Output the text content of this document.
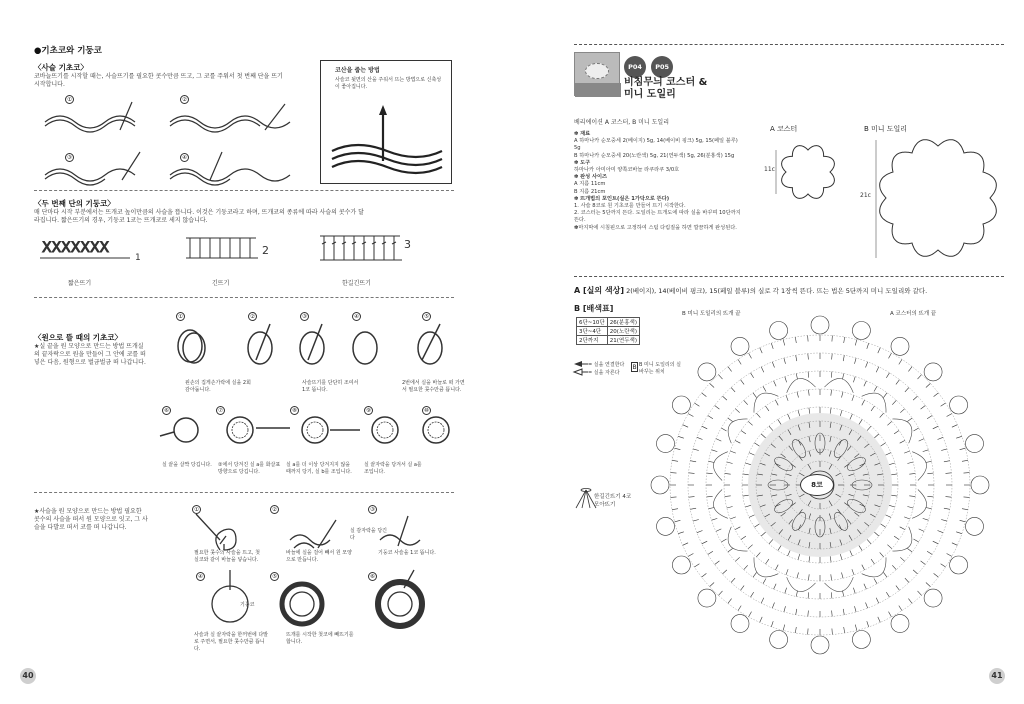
●기초코와 기둥코
〈사슬 기초코〉
코바늘뜨기를 시작할 때는, 사슬뜨기를 필요한 콧수만큼 뜨고, 그 코를 주워서 첫 번째 단을 뜨기 시작합니다.
①	②
③	④
코산을 줍는 방법
사슬코 뒷면의 산을 주워서 뜨는 방법으로 신축성이 좋아집니다.
〈두 번째 단의 기둥코〉
매 단마다 시작 부분에서는 뜨개코 높이만큼의 사슬을 뜹니다. 이것은 기둥코라고 하며, 뜨개코의 종류에 따라 사슬의 콧수가 달라집니다. 짧은뜨기의 경우, 기둥코 1코는 뜨개코로 세지 않습니다.
XXXXXXX
1
2	3
짧은뜨기	긴뜨기	한길긴뜨기
〈원으로 뜰 때의 기초코〉
★실 끝을 원 모양으로 만드는 방법 뜨개실의 끝자락으로 원을 만들어 그 안에 코를 떠 넣은 다음, 원형으로 벌금벌금 떠 나갑니다.
①	②	③	④	⑤
⑥	⑦	⑧	⑨	⑩
왼손의 집게손가락에 실을 2회 감아둡니다.
사슬뜨기를 단단히 조여서 1코 뜹니다.
2번에서 실을 바늘로 떠 가면서 필요한 콧수만큼 뜹니다.
실 끝을 살짝 당깁니다.	②에서 당겨진 실 a를 화살표 방향으로 당깁니다.
실 a를 더 이상 당겨지지 않을 때까지 당기, 실 b를 조입니다.
실 끝자락을 당겨서 실 a를 조입니다.
★사슬을 원 모양으로 만드는 방법 필요한 콧수의 사슬을 떠서 원 모양으로 잇고, 그 사슬을 다발로 떠서 코를 떠 나갑니다.
①	②	③
④	⑤	⑥
기둥코
필요한 콧수의 사슬을 뜨고, 첫 실코와 같이 바늘을 넣습니다.
바늘에 실을 걸어 빼서 원 모양으로 만듭니다.
실 감자락을 당긴다
기둥코 사슬을 1코 뜹니다.
사슬과 실 끝자락을 한꺼번에 다발로 주면서, 필요한 콧수만큼 뜹니다.
뜨개를 시작한 첫코에 빼뜨기를 합니다.
40
P04 P05
비침무늬 코스터 &
미니 도일리
베리에이션 A 코스터, B 미니 도일리
✽ 재료
A 하마나카 순모중세 2(베이지) 5g, 14(베이비 핑크) 5g, 15(페일 블루) 5g
B 하마나카 순모중세 20(노란색) 5g, 21(연두색) 5g, 26(분홍색) 15g
✽ 도구
하마나카 아미아미 양쪽코바늘 라쿠라쿠 3/0호
✽ 완성 사이즈
A 지름 11cm
B 지름 21cm
✽ 뜨개법의 포인트(실은 1가닥으로 뜬다)
1. 사슬 8코로 원 기초코를 만들어 뜨기 시작한다.
2. 코스터는 5단까지 뜬다. 도일리는 뜨개도에 따라 실을 바꾸며 10단까지 뜬다.
✽마지막에 시침핀으로 고정하여 스팀 다림질을 하면 깔끔하게 완성된다.
A 코스터	B 미니 도일리
11c
21c
A [실의 색상] 2(베이지), 14(베이비 핑크), 15(페일 블루)의 실로 각 1장씩 뜬다. 뜨는 법은 5단까지 미니 도일리와 같다.
B [배색표]
6단~10단	26(분홍색)
3단~4단	20(노란색)
2단까지	21(연두색)
= 실을 연결한다
= 실을 자른다
B 미니 도일리의 실 바꾸는 위치
B
한길긴뜨기 4코 모아뜨기
B 미니 도일리의 뜨개 끝	A 코스터의 뜨개 끝
8코
41
